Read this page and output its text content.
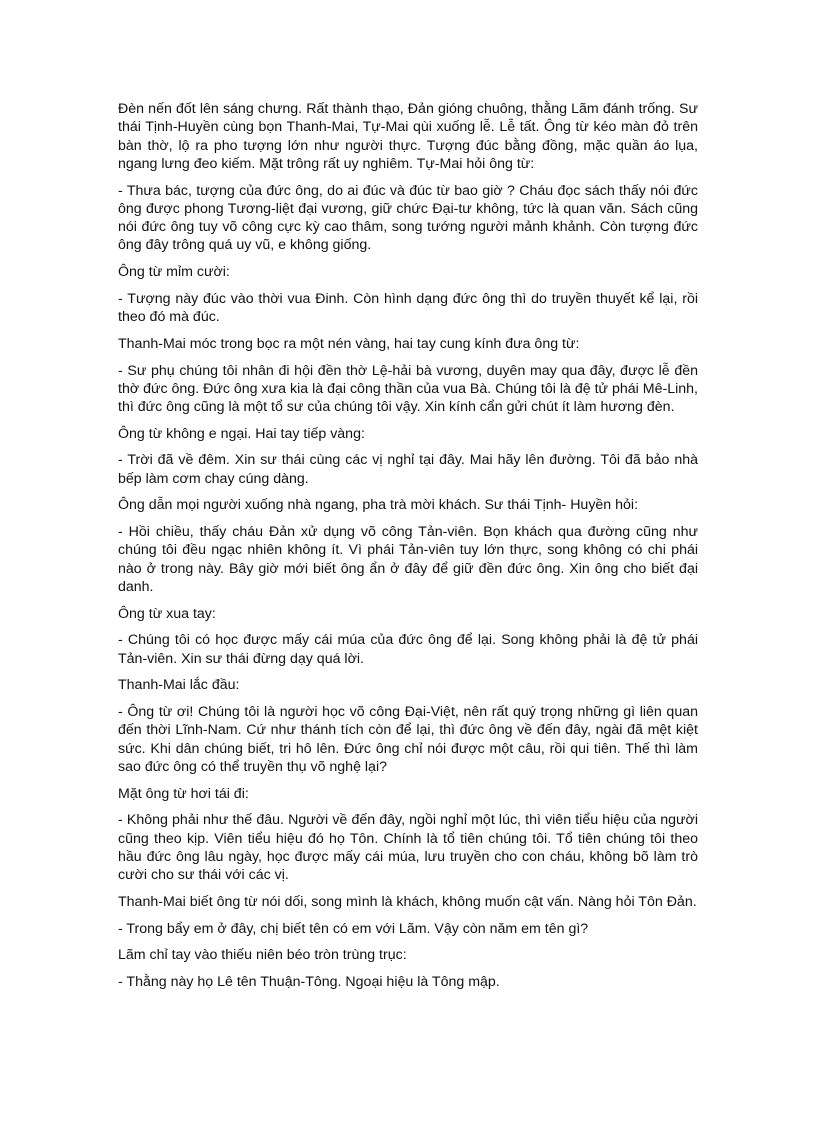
Đèn nến đốt lên sáng chưng. Rất thành thạo, Đản gióng chuông, thằng Lãm đánh trống. Sư thái Tịnh-Huyền cùng bọn Thanh-Mai, Tự-Mai qùi xuống lễ. Lễ tất. Ông từ kéo màn đỏ trên bàn thờ, lộ ra pho tượng lớn như người thực. Tượng đúc bằng đồng, mặc quần áo lụa, ngang lưng đeo kiếm. Mặt trông rất uy nghiêm. Tự-Mai hỏi ông từ:

- Thưa bác, tượng của đức ông, do ai đúc và đúc từ bao giờ ? Cháu đọc sách thấy nói đức ông được phong Tương-liệt đại vương, giữ chức Đại-tư không, tức là quan văn. Sách cũng nói đức ông tuy võ công cực kỳ cao thâm, song tướng người mảnh khảnh. Còn tượng đức ông đây trông quá uy vũ, e không giống.

Ông từ mỉm cười:

- Tượng này đúc vào thời vua Đinh. Còn hình dạng đức ông thì do truyền thuyết kể lại, rồi theo đó mà đúc.

Thanh-Mai móc trong bọc ra một nén vàng, hai tay cung kính đưa ông từ:

- Sư phụ chúng tôi nhân đi hội đền thờ Lệ-hải bà vương, duyên may qua đây, được lễ đền thờ đức ông. Đức ông xưa kia là đại công thần của vua Bà. Chúng tôi là đệ tử phái Mê-Linh, thì đức ông cũng là một tổ sư của chúng tôi vậy. Xin kính cẩn gửi chút ít làm hương đèn.

Ông từ không e ngại. Hai tay tiếp vàng:

- Trời đã về đêm. Xin sư thái cùng các vị nghỉ tại đây. Mai hãy lên đường. Tôi đã bảo nhà bếp làm cơm chay cúng dàng.

Ông dẫn mọi người xuống nhà ngang, pha trà mời khách. Sư thái Tịnh- Huyền hỏi:

- Hồi chiều, thấy cháu Đản xử dụng võ công Tản-viên. Bọn khách qua đường cũng như chúng tôi đều ngạc nhiên không ít. Vì phái Tản-viên tuy lớn thực, song không có chi phái nào ở trong này. Bây giờ mới biết ông ẩn ở đây để giữ đền đức ông. Xin ông cho biết đại danh.

Ông từ xua tay:

- Chúng tôi có học được mấy cái múa của đức ông để lại. Song không phải là đệ tử phái Tản-viên. Xin sư thái đừng dạy quá lời.

Thanh-Mai lắc đầu:

- Ông từ ơi! Chúng tôi là người học võ công Đại-Việt, nên rất quý trọng những gì liên quan đến thời Lĩnh-Nam. Cứ như thánh tích còn để lại, thì đức ông về đến đây, ngài đã mệt kiệt sức. Khi dân chúng biết, tri hô lên. Đức ông chỉ nói được một câu, rồi qui tiên. Thế thì làm sao đức ông có thể truyền thụ võ nghệ lại?

Mặt ông từ hơi tái đi:

- Không phải như thế đâu. Người về đến đây, ngồi nghỉ một lúc, thì viên tiểu hiệu của người cũng theo kịp. Viên tiểu hiệu đó họ Tôn. Chính là tổ tiên chúng tôi. Tổ tiên chúng tôi theo hầu đức ông lâu ngày, học được mấy cái múa, lưu truyền cho con cháu, không bõ làm trò cười cho sư thái với các vị.

Thanh-Mai biết ông từ nói dối, song mình là khách, không muốn cật vấn. Nàng hỏi Tôn Đản.

- Trong bẩy em ở đây, chị biết tên có em với Lãm. Vậy còn năm em tên gì?

Lãm chỉ tay vào thiếu niên béo tròn trùng trục:

- Thằng này họ Lê tên Thuận-Tông. Ngoại hiệu là Tông mập.
